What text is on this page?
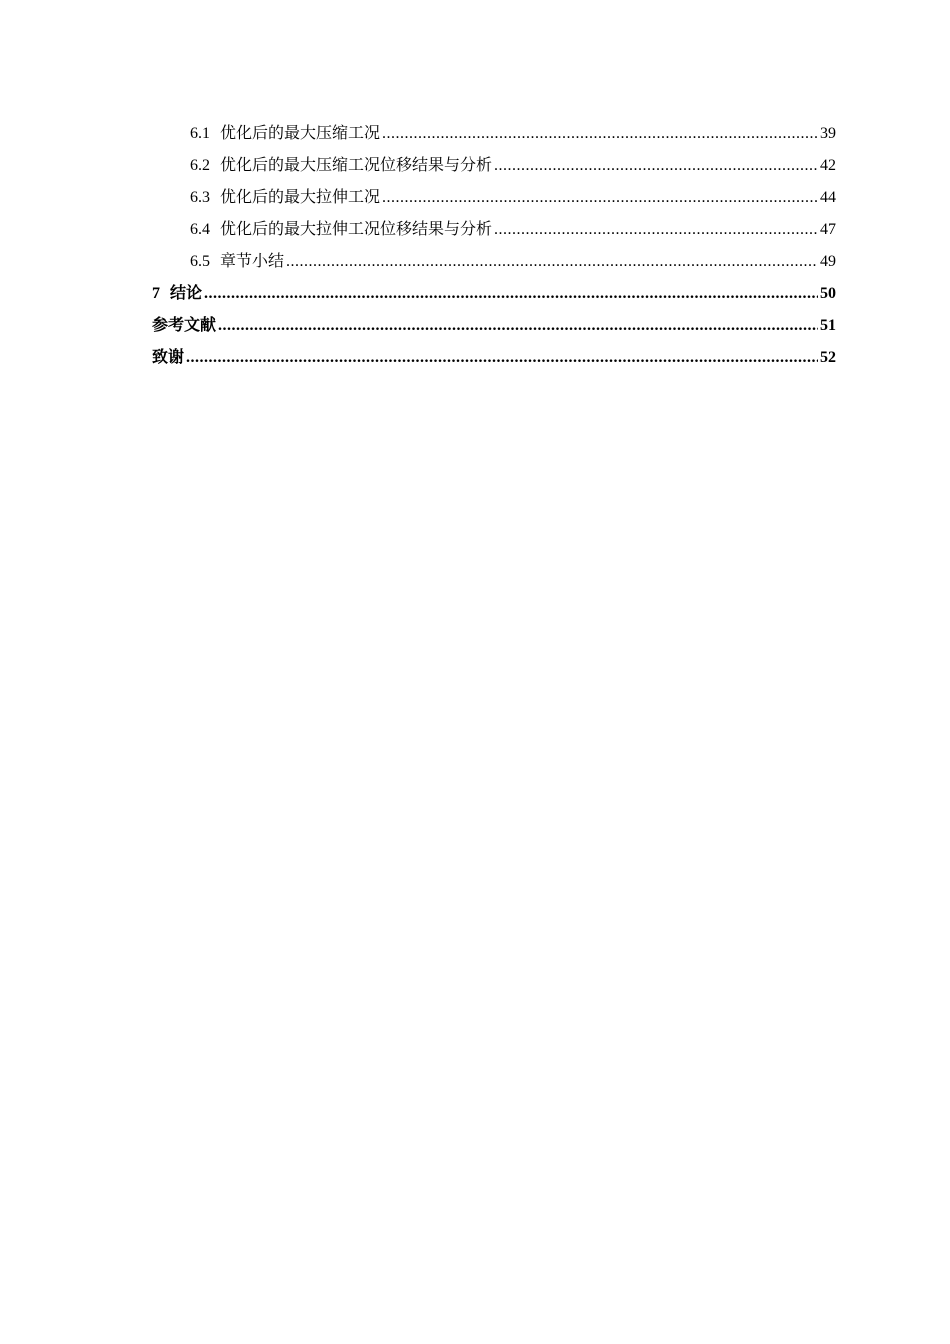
6.1 优化后的最大压缩工况 .....	39
6.2 优化后的最大压缩工况位移结果与分析 .....	42
6.3 优化后的最大拉伸工况 .....	44
6.4 优化后的最大拉伸工况位移结果与分析 .....	47
6.5 章节小结 .....	49
7 结论 .....	50
参考文献 .....	51
致谢 .....	52
